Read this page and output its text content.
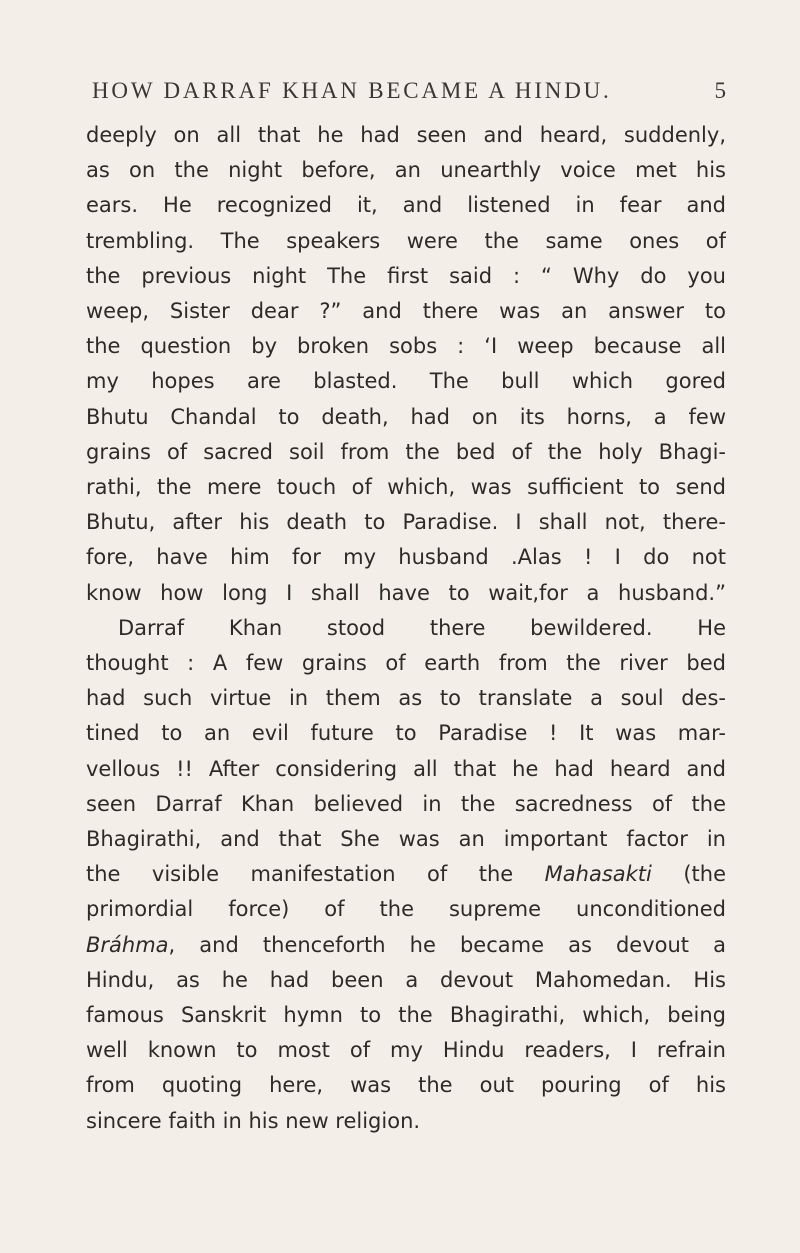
HOW DARRAF KHAN BECAME A HINDU.	5
deeply on all that he had seen and heard, suddenly,
as on the night before, an unearthly voice met his
ears. He recognized it, and listened in fear and
trembling. The speakers were the same ones of
the previous night The first said : “ Why do you
weep, Sister dear ?” and there was an answer to
the question by broken sobs : ‘I weep because all
my hopes are blasted. The bull which gored
Bhutu Chandal to death, had on its horns, a few
grains of sacred soil from the bed of the holy Bhagi-
rathi, the mere touch of which, was sufficient to send
Bhutu, after his death to Paradise. I shall not, there-
fore, have him for my husband .Alas ! I do not
know how long I shall have to wait,for a husband.”
Darraf Khan stood there bewildered. He
thought : A few grains of earth from the river bed
had such virtue in them as to translate a soul des-
tined to an evil future to Paradise ! It was mar-
vellous !! After considering all that he had heard and
seen Darraf Khan believed in the sacredness of the
Bhagirathi, and that She was an important factor in
the visible manifestation of the Mahasakti (the
primordial force) of the supreme unconditioned
Bráhma, and thenceforth he became as devout a
Hindu, as he had been a devout Mahomedan. His
famous Sanskrit hymn to the Bhagirathi, which, being
well known to most of my Hindu readers, I refrain
from quoting here, was the out pouring of his
sincere faith in his new religion.
